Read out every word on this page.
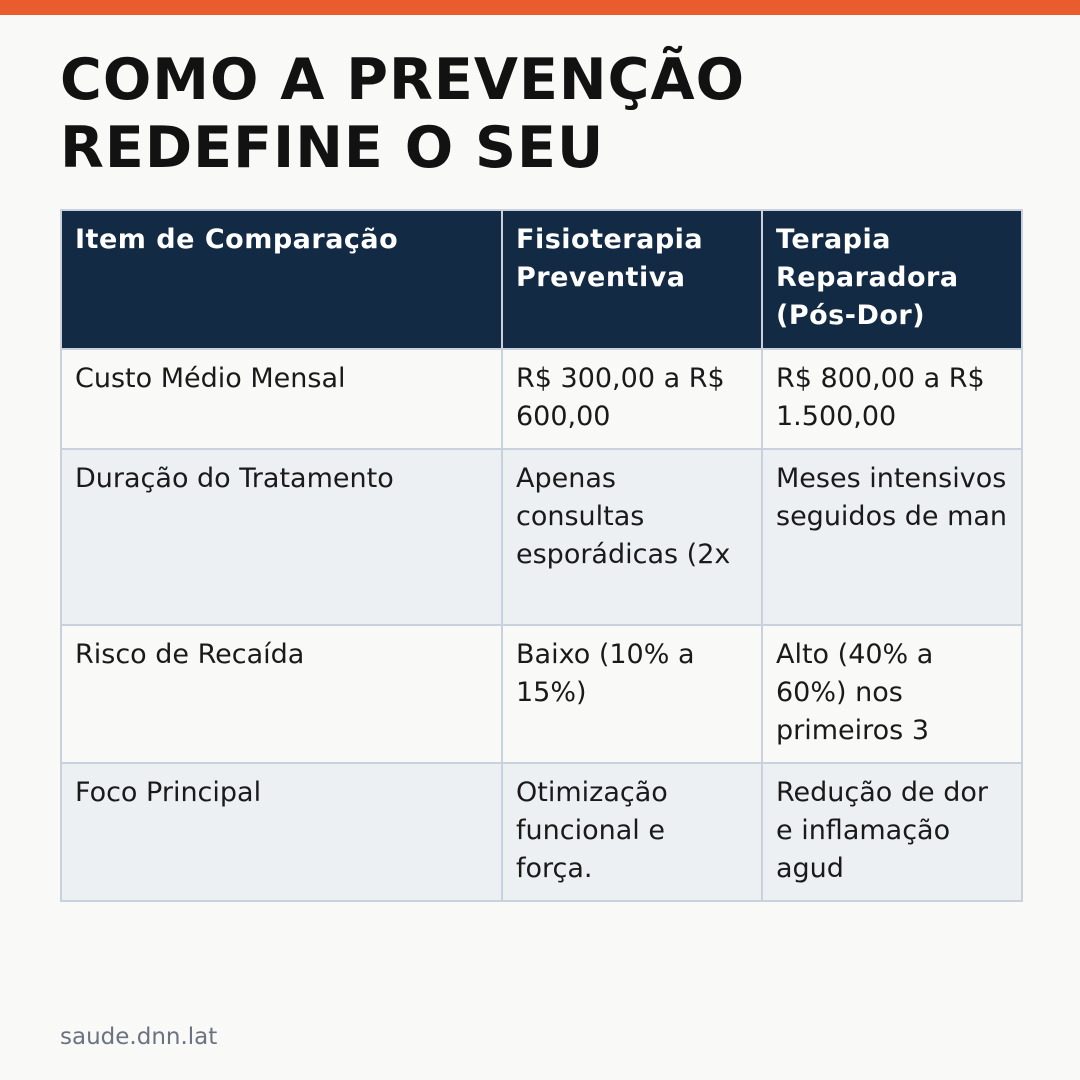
COMO A PREVENÇÃO
REDEFINE O SEU
Item de Comparação	Fisioterapia Preventiva	Terapia Reparadora (Pós-Dor)
Custo Médio Mensal	R$ 300,00 a R$ 600,00	R$ 800,00 a R$ 1.500,00
Duração do Tratamento	Apenas consultas esporádicas (2x	Meses intensivos seguidos de man
Risco de Recaída	Baixo (10% a 15%)	Alto (40% a 60%) nos primeiros 3
Foco Principal	Otimização funcional e força.	Redução de dor e inflamação agud
saude.dnn.lat
